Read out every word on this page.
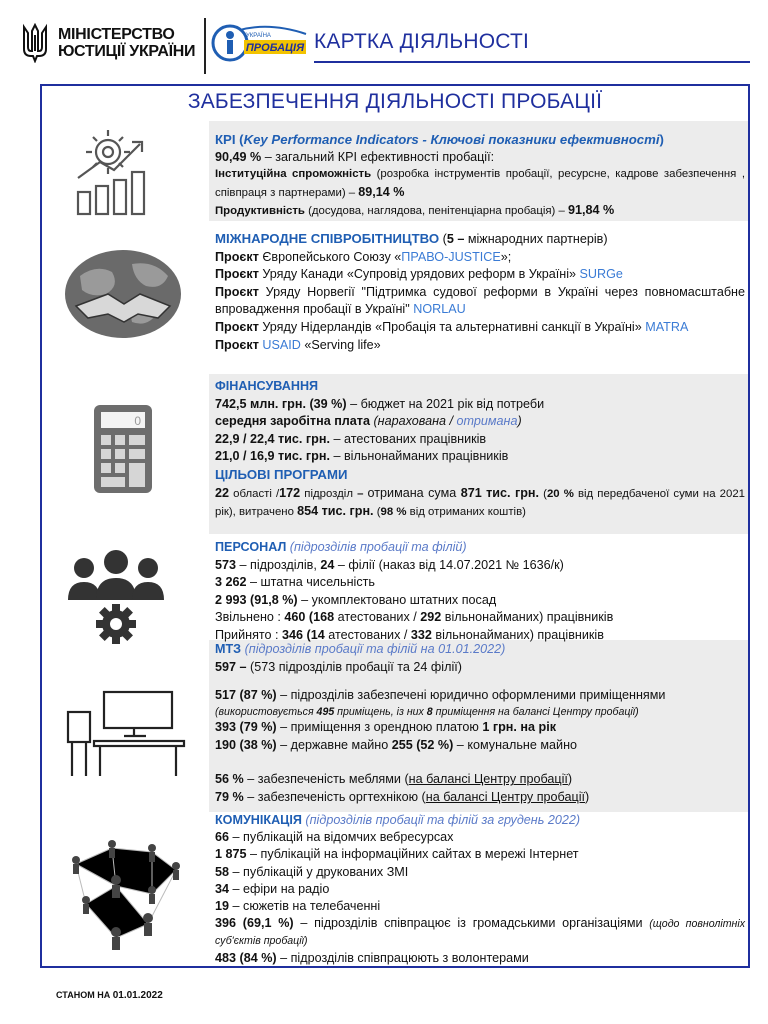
МІНІСТЕРСТВО
ЮСТИЦІЇ УКРАЇНИ	ПРОБАЦІЯ
УКРАЇНА КАРТКА ДІЯЛЬНОСТІ
ЗАБЕЗПЕЧЕННЯ ДІЯЛЬНОСТІ ПРОБАЦІЇ
0

КРІ (Key Performance Indicators - Ключові показники ефективності)

90,49 % – загальний КРІ ефективності пробації:

Інституційна спроможність (розробка інструментів пробації, ресурсне, кадрове забезпечення , співпраця з партнерами) – 89,14 %

Продуктивність (досудова, наглядова, пенітенціарна пробація) – 91,84 %

МІЖНАРОДНЕ СПІВРОБІТНИЦТВО (5 – міжнародних партнерів)

Проєкт Європейського Союзу «ПРАВО-JUSTICE»;

Проєкт Уряду Канади «Супровід урядових реформ в Україні» SURGe

Проєкт Уряду Норвегії "Підтримка судової реформи в Україні через повномасштабне впровадження пробації в Україні" NORLAU

Проєкт Уряду Нідерландів «Пробація та альтернативні санкції в Україні» MATRA

Проєкт USAID «Serving life»

ФІНАНСУВАННЯ

742,5 млн. грн. (39 %) – бюджет на 2021 рік від потреби

середня заробітна плата (нарахована / отримана)

22,9 / 22,4 тис. грн. – атестованих працівників

21,0 / 16,9 тис. грн. – вільнонайманих працівників

ЦІЛЬОВІ ПРОГРАМИ

22 області /172 підрозділ – отримана сума 871 тис. грн. (20 % від передбаченої суми на 2021 рік), витрачено 854 тис. грн. (98 % від отриманих коштів)

ПЕРСОНАЛ (підрозділів пробації та філій)

573 – підрозділів, 24 – філії (наказ від 14.07.2021 № 1636/к)

3 262 – штатна чисельність

2 993 (91,8 %) – укомплектовано штатних посад

Звільнено : 460 (168 атестованих / 292 вільнонайманих) працівників

Прийнято : 346 (14 атестованих / 332 вільнонайманих) працівників

МТЗ (підрозділів пробації та філій на 01.01.2022)

597 – (573 підрозділів пробації та 24 філії)

517 (87 %) – підрозділів забезпечені юридично оформленими приміщеннями

(використовується 495 приміщень, із них 8 приміщення на балансі Центру пробації)

393 (79 %) – приміщення з орендною платою 1 грн. на рік

190 (38 %) – державне майно 255 (52 %) – комунальне майно

56 % – забезпеченість меблями (на балансі Центру пробації)

79 % – забезпеченість оргтехнікою (на балансі Центру пробації)

КОМУНІКАЦІЯ (підрозділів пробації та філій за грудень 2022)

66 – публікацій на відомчих вебресурсах

1 875 – публікацій на інформаційних сайтах в мережі Інтернет

58 – публікацій у друкованих ЗМІ

34 – ефіри на радіо

19 – сюжетів на телебаченні

396 (69,1 %) – підрозділів співпрацює із громадськими організаціями (щодо повнолітніх суб'єктів пробації)

483 (84 %) – підрозділів співпрацюють з волонтерами

СТАНОМ НА 01.01.2022
